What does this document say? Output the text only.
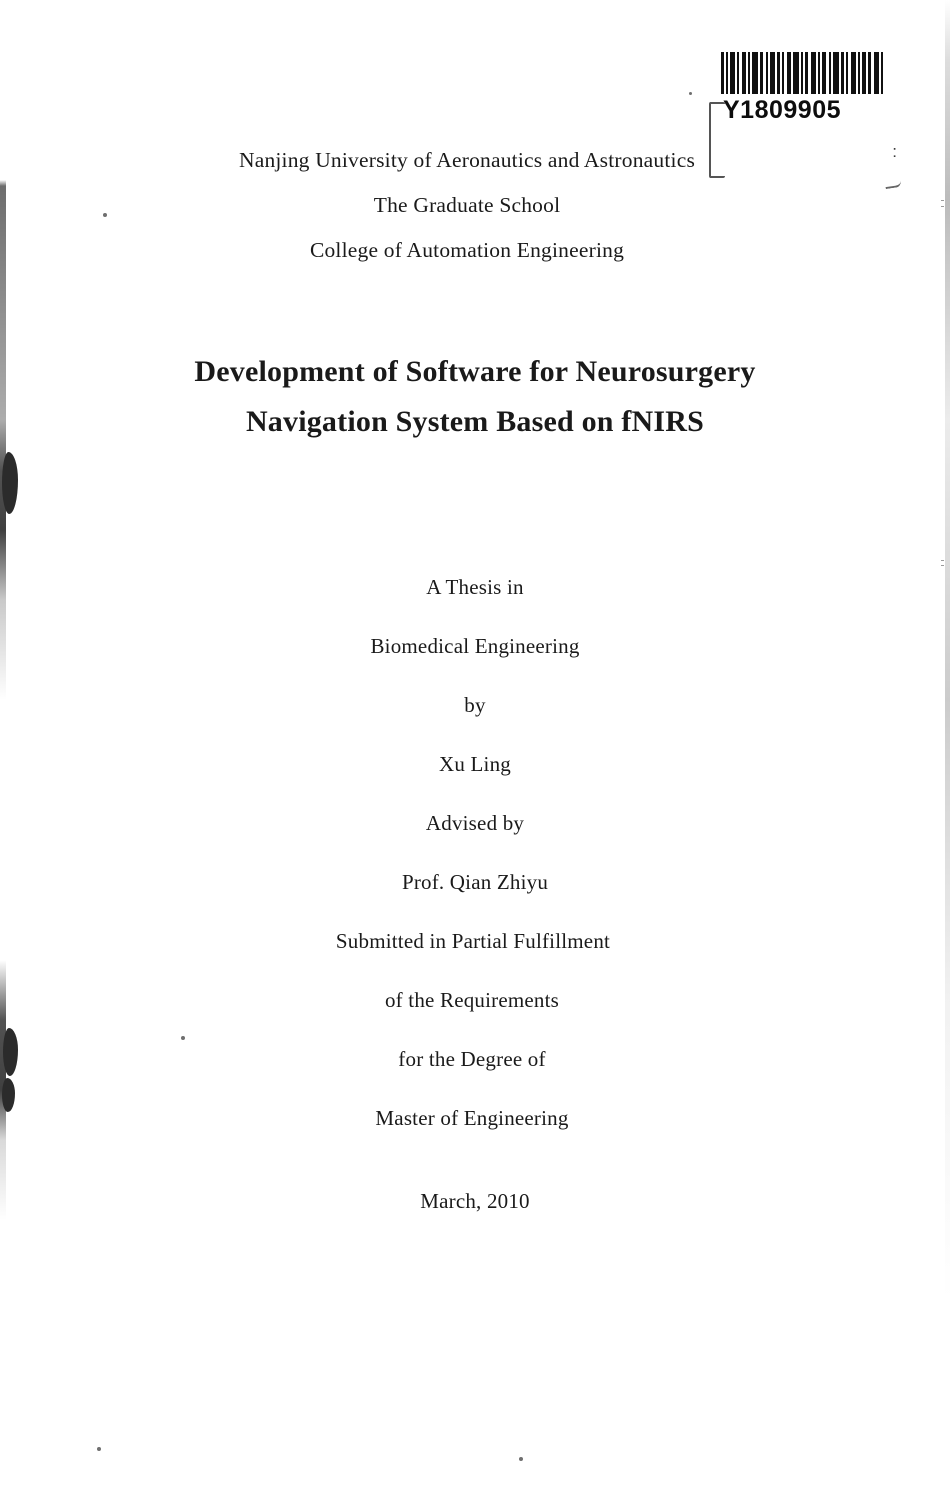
Y1809905
:
Nanjing University of Aeronautics and Astronautics
The Graduate School
College of Automation Engineering
Development of Software for Neurosurgery
Navigation System Based on fNIRS
A Thesis in
Biomedical Engineering
by
Xu Ling
Advised by
Prof. Qian Zhiyu
Submitted in Partial Fulfillment
of the Requirements
for the Degree of
Master of Engineering
March, 2010
